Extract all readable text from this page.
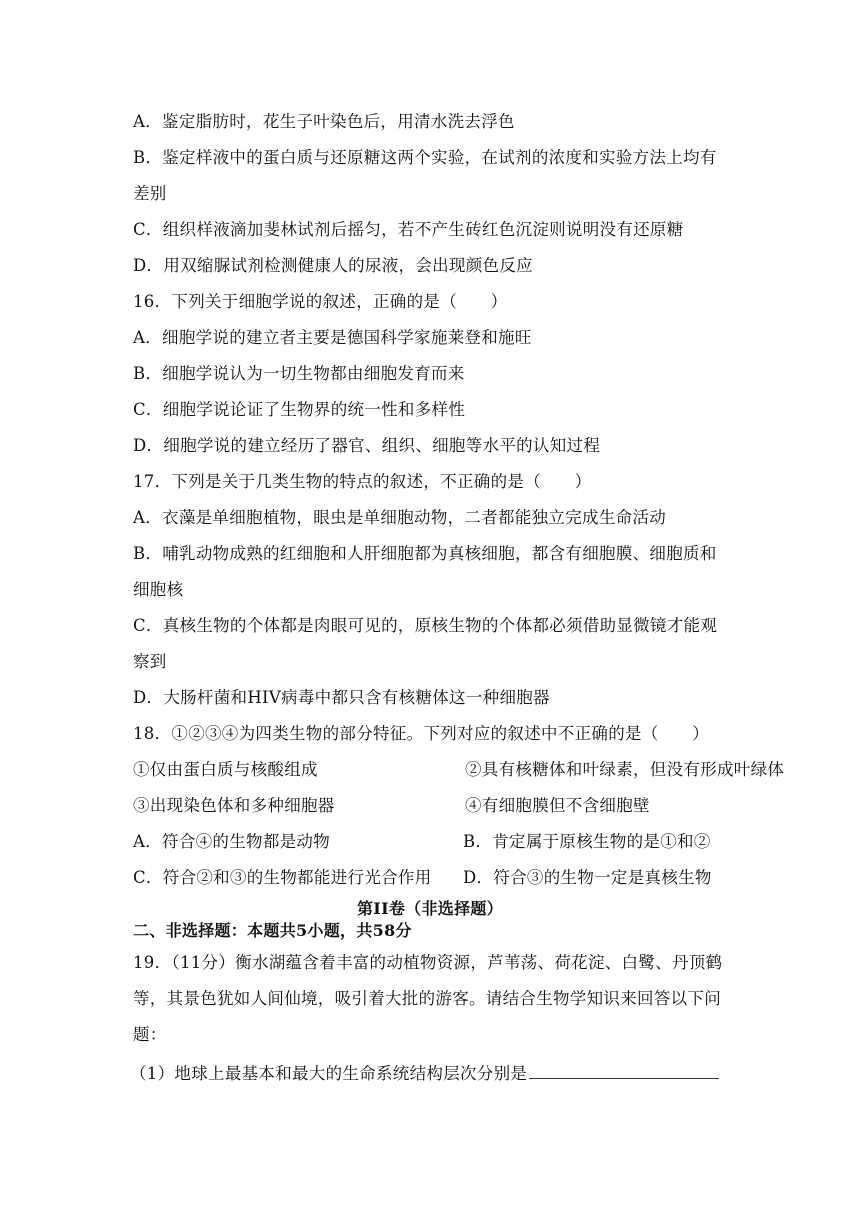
A．鉴定脂肪时，花生子叶染色后，用清水洗去浮色
B．鉴定样液中的蛋白质与还原糖这两个实验，在试剂的浓度和实验方法上均有
差别
C．组织样液滴加斐林试剂后摇匀，若不产生砖红色沉淀则说明没有还原糖
D．用双缩脲试剂检测健康人的尿液，会出现颜色反应
16．下列关于细胞学说的叙述，正确的是（　　）
A．细胞学说的建立者主要是德国科学家施莱登和施旺
B．细胞学说认为一切生物都由细胞发育而来
C．细胞学说论证了生物界的统一性和多样性
D．细胞学说的建立经历了器官、组织、细胞等水平的认知过程
17．下列是关于几类生物的特点的叙述，不正确的是（　　）
A．衣藻是单细胞植物，眼虫是单细胞动物，二者都能独立完成生命活动
B．哺乳动物成熟的红细胞和人肝细胞都为真核细胞，都含有细胞膜、细胞质和
细胞核
C．真核生物的个体都是肉眼可见的，原核生物的个体都必须借助显微镜才能观
察到
D．大肠杆菌和HIV病毒中都只含有核糖体这一种细胞器
18．①②③④为四类生物的部分特征。下列对应的叙述中不正确的是（　　）
①仅由蛋白质与核酸组成	②具有核糖体和叶绿素，但没有形成叶绿体
③出现染色体和多种细胞器	④有细胞膜但不含细胞壁
A．符合④的生物都是动物	B．肯定属于原核生物的是①和②
C．符合②和③的生物都能进行光合作用 D．符合③的生物一定是真核生物
第II卷（非选择题）
二、非选择题：本题共5小题，共58分
19．（11分）衡水湖蕴含着丰富的动植物资源，芦苇荡、荷花淀、白鹭、丹顶鹤
等，其景色犹如人间仙境，吸引着大批的游客。请结合生物学知识来回答以下问
题：
（1）地球上最基本和最大的生命系统结构层次分别是
